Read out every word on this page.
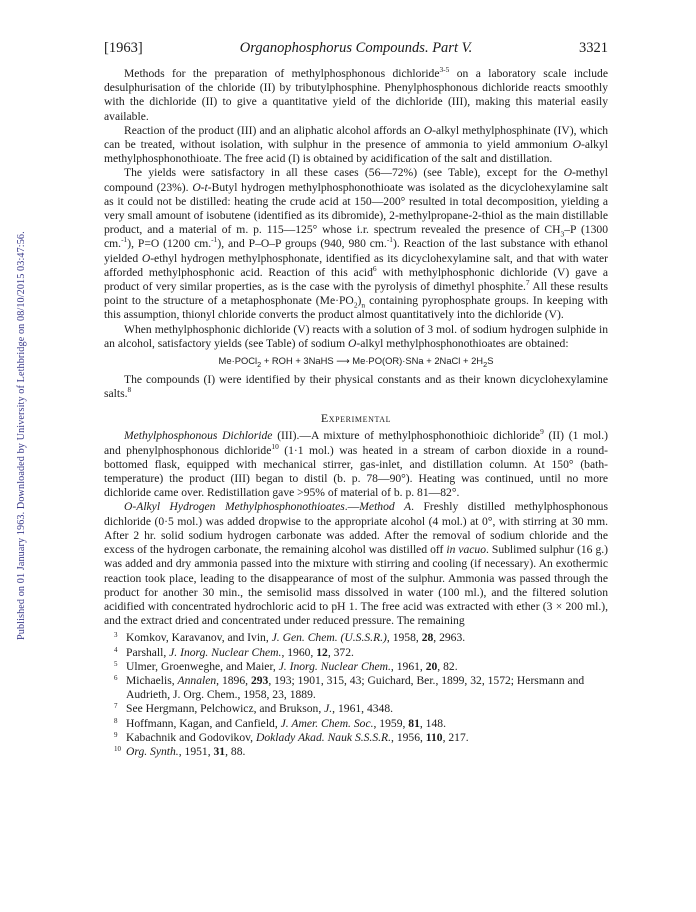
Published on 01 January 1963. Downloaded by University of Lethbridge on 08/10/2015 03:47:56.
[1963]	Organophosphorus Compounds. Part V.	3321

Methods for the preparation of methylphosphonous dichloride$^{3-5}$ on a laboratory scale include desulphurisation of the chloride (II) by tributylphosphine. Phenylphosphonous dichloride reacts smoothly with the dichloride (II) to give a quantitative yield of the dichloride (III), making this material easily available.

Reaction of the product (III) and an aliphatic alcohol affords an O-alkyl methylphosphinate (IV), which can be treated, without isolation, with sulphur in the presence of ammonia to yield ammonium O-alkyl methylphosphonothioate. The free acid (I) is obtained by acidification of the salt and distillation.

The yields were satisfactory in all these cases (56—72%) (see Table), except for the O-methyl compound (23%). O-t-Butyl hydrogen methylphosphonothioate was isolated as the dicyclohexylamine salt as it could not be distilled: heating the crude acid at 150—200° resulted in total decomposition, yielding a very small amount of isobutene (identified as its dibromide), 2-methylpropane-2-thiol as the main distillable product, and a material of m. p. 115—125° whose i.r. spectrum revealed the presence of $CH_3-P$ (1300 cm.$^{-1}$), P=O (1200 cm.$^{-1}$), and P–O–P groups (940, 980 cm.$^{-1}$). Reaction of the last substance with ethanol yielded O-ethyl hydrogen methylphosphonate, identified as its dicyclohexylamine salt, and that with water afforded methylphosphonic acid. Reaction of this acid$^6$ with methylphosphonic dichloride (V) gave a product of very similar properties, as is the case with the pyrolysis of dimethyl phosphite.$^7$ All these results point to the structure of a metaphosphonate $(Me\cdot PO_2)_n$ containing pyrophosphate groups. In keeping with this assumption, thionyl chloride converts the product almost quantitatively into the dichloride (V).

When methylphosphonic dichloride (V) reacts with a solution of 3 mol. of sodium hydrogen sulphide in an alcohol, satisfactory yields (see Table) of sodium O-alkyl methylphosphonothioates are obtained:

Me·POCl$_2$ + ROH + 3NaHS ⟶ Me·PO(OR)·SNa + 2NaCl + $2H_2S$

The compounds (I) were identified by their physical constants and as their known dicyclohexylamine salts.$^8$

Experimental

Methylphosphonous Dichloride (III).—A mixture of methylphosphonothioic dichloride$^9$ (II) (1 mol.) and phenylphosphonous dichloride$^{10}$ (1·1 mol.) was heated in a stream of carbon dioxide in a round-bottomed flask, equipped with mechanical stirrer, gas-inlet, and distillation column. At 150° (bath-temperature) the product (III) began to distil (b. p. 78—90°). Heating was continued, until no more dichloride came over. Redistillation gave >95% of material of b. p. 81—82°.

O-Alkyl Hydrogen Methylphosphonothioates.—Method A. Freshly distilled methylphosphonous dichloride (0·5 mol.) was added dropwise to the appropriate alcohol (4 mol.) at 0°, with stirring at 30 mm. After 2 hr. solid sodium hydrogen carbonate was added. After the removal of sodium chloride and the excess of the hydrogen carbonate, the remaining alcohol was distilled off in vacuo. Sublimed sulphur (16 g.) was added and dry ammonia passed into the mixture with stirring and cooling (if necessary). An exothermic reaction took place, leading to the disappearance of most of the sulphur. Ammonia was passed through the product for another 30 min., the semisolid mass dissolved in water (100 ml.), and the filtered solution acidified with concentrated hydrochloric acid to pH 1. The free acid was extracted with ether (3 × 200 ml.), and the extract dried and concentrated under reduced pressure. The remaining

3 Komkov, Karavanov, and Ivin, J. Gen. Chem. (U.S.S.R.), 1958, 28, 2963.

4 Parshall, J. Inorg. Nuclear Chem., 1960, 12, 372.

5 Ulmer, Groenweghe, and Maier, J. Inorg. Nuclear Chem., 1961, 20, 82.

6 Michaelis, Annalen, 1896, 293, 193; 1901, 315, 43; Guichard, Ber., 1899, 32, 1572; Hersmann and Audrieth, J. Org. Chem., 1958, 23, 1889.

7 See Hergmann, Pelchowicz, and Brukson, J., 1961, 4348.

8 Hoffmann, Kagan, and Canfield, J. Amer. Chem. Soc., 1959, 81, 148.

9 Kabachnik and Godovikov, Doklady Akad. Nauk S.S.S.R., 1956, 110, 217.

10 Org. Synth., 1951, 31, 88.
